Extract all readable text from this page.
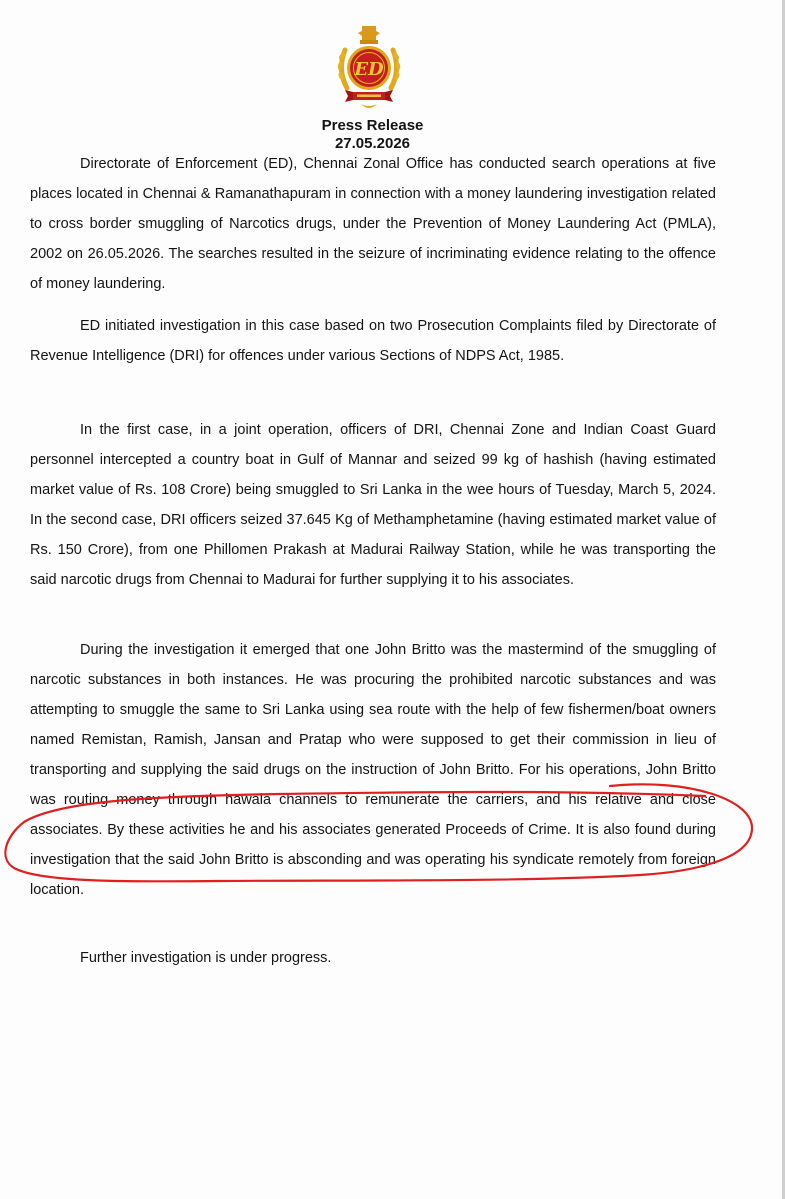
ED
Press Release
27.05.2026

Directorate of Enforcement (ED), Chennai Zonal Office has conducted search operations at five places located in Chennai & Ramanathapuram in connection with a money laundering investigation related to cross border smuggling of Narcotics drugs, under the Prevention of Money Laundering Act (PMLA), 2002 on 26.05.2026. The searches resulted in the seizure of incriminating evidence relating to the offence of money laundering.

ED initiated investigation in this case based on two Prosecution Complaints filed by Directorate of Revenue Intelligence (DRI) for offences under various Sections of NDPS Act, 1985.

In the first case, in a joint operation, officers of DRI, Chennai Zone and Indian Coast Guard personnel intercepted a country boat in Gulf of Mannar and seized 99 kg of hashish (having estimated market value of Rs. 108 Crore) being smuggled to Sri Lanka in the wee hours of Tuesday, March 5, 2024. In the second case, DRI officers seized 37.645 Kg of Methamphetamine (having estimated market value of Rs. 150 Crore), from one Phillomen Prakash at Madurai Railway Station, while he was transporting the said narcotic drugs from Chennai to Madurai for further supplying it to his associates.

During the investigation it emerged that one John Britto was the mastermind of the smuggling of narcotic substances in both instances. He was procuring the prohibited narcotic substances and was attempting to smuggle the same to Sri Lanka using sea route with the help of few fishermen/boat owners named Remistan, Ramish, Jansan and Pratap who were supposed to get their commission in lieu of transporting and supplying the said drugs on the instruction of John Britto. For his operations, John Britto was routing money through hawala channels to remunerate the carriers, and his relative and close associates. By these activities he and his associates generated Proceeds of Crime. It is also found during investigation that the said John Britto is absconding and was operating his syndicate remotely from foreign location.

Further investigation is under progress.
